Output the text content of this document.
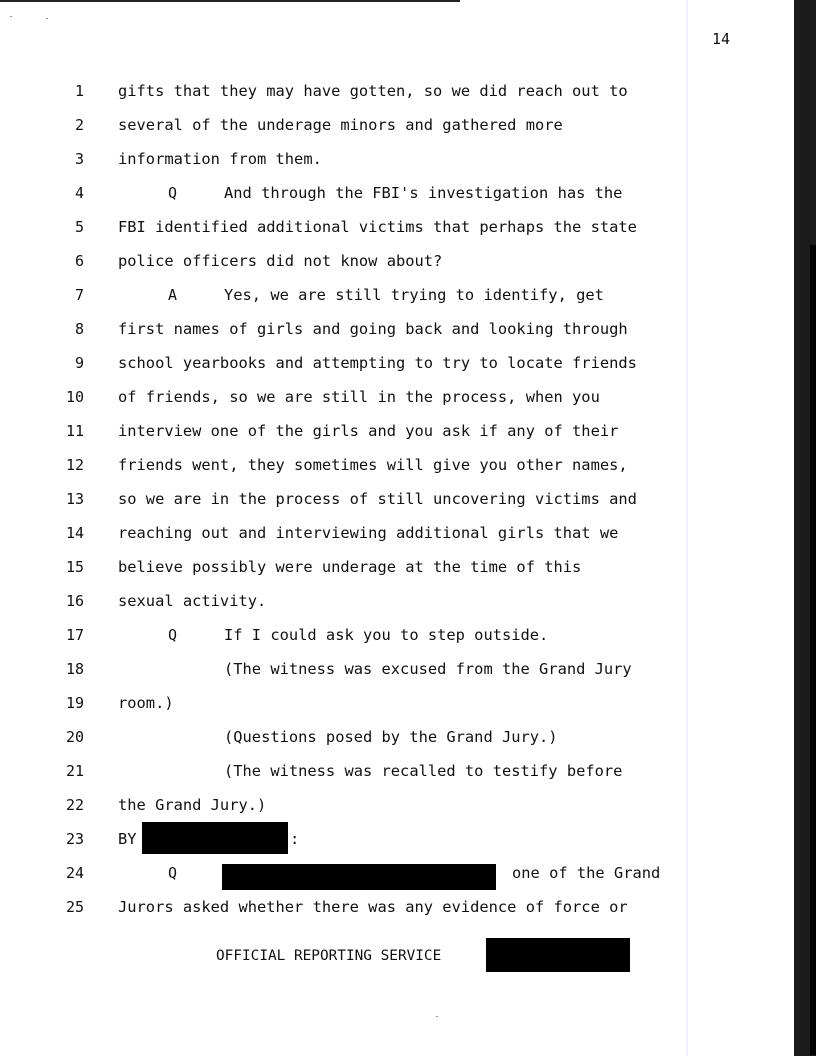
14
1 gifts that they may have gotten, so we did reach out to
2 several of the underage minors and gathered more
3 information from them.
4	Q	And through the FBI's investigation has the
5 FBI identified additional victims that perhaps the state
6 police officers did not know about?
7	A	Yes, we are still trying to identify, get
8 first names of girls and going back and looking through
9 school yearbooks and attempting to try to locate friends
10 of friends, so we are still in the process, when you
11 interview one of the girls and you ask if any of their
12 friends went, they sometimes will give you other names,
13 so we are in the process of still uncovering victims and
14 reaching out and interviewing additional girls that we
15 believe possibly were underage at the time of this
16 sexual activity.
17	Q	If I could ask you to step outside.
18	(The witness was excused from the Grand Jury
19 room.)
20	(Questions posed by the Grand Jury.)
21	(The witness was recalled to testify before
22 the Grand Jury.)
23 BY	:
24	Q	one of the Grand
25 Jurors asked whether there was any evidence of force or
OFFICIAL REPORTING SERVICE
